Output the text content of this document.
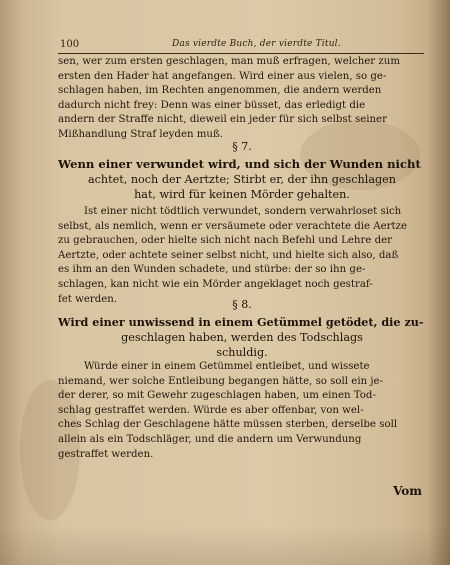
100	Das vierdte Buch, der vierdte Titul.
sen, wer zum ersten geschlagen, man muß erfragen, welcher zum
ersten den Hader hat angefangen. Wird einer aus vielen, so ge-
schlagen haben, im Rechten angenommen, die andern werden
dadurch nicht frey: Denn was einer büsset, das erledigt die
andern der Straffe nicht, dieweil ein jeder für sich selbst seiner
Mißhandlung Straf leyden muß.
§ 7.
Wenn einer verwundet wird, und sich der Wunden nicht
achtet, noch der Aertzte; Stirbt er, der ihn geschlagen
hat, wird für keinen Mörder gehalten.
Ist einer nicht tödtlich verwundet, sondern verwahrloset sich
selbst, als nemlich, wenn er versäumete oder verachtete die Aertze
zu gebrauchen, oder hielte sich nicht nach Befehl und Lehre der
Aertzte, oder achtete seiner selbst nicht, und hielte sich also, daß
es ihm an den Wunden schadete, und stürbe: der so ihn ge-
schlagen, kan nicht wie ein Mörder angeklaget noch gestraf-
fet werden.	§ 8.
Wird einer unwissend in einem Getümmel getödet, die zu-
geschlagen haben, werden des Todschlags
schuldig.
Würde einer in einem Getümmel entleibet, und wissete
niemand, wer solche Entleibung begangen hätte, so soll ein je-
der derer, so mit Gewehr zugeschlagen haben, um einen Tod-
schlag gestraffet werden. Würde es aber offenbar, von wel-
ches Schlag der Geschlagene hätte müssen sterben, derselbe soll
allein als ein Todschläger, und die andern um Verwundung
gestraffet werden.
Vom
